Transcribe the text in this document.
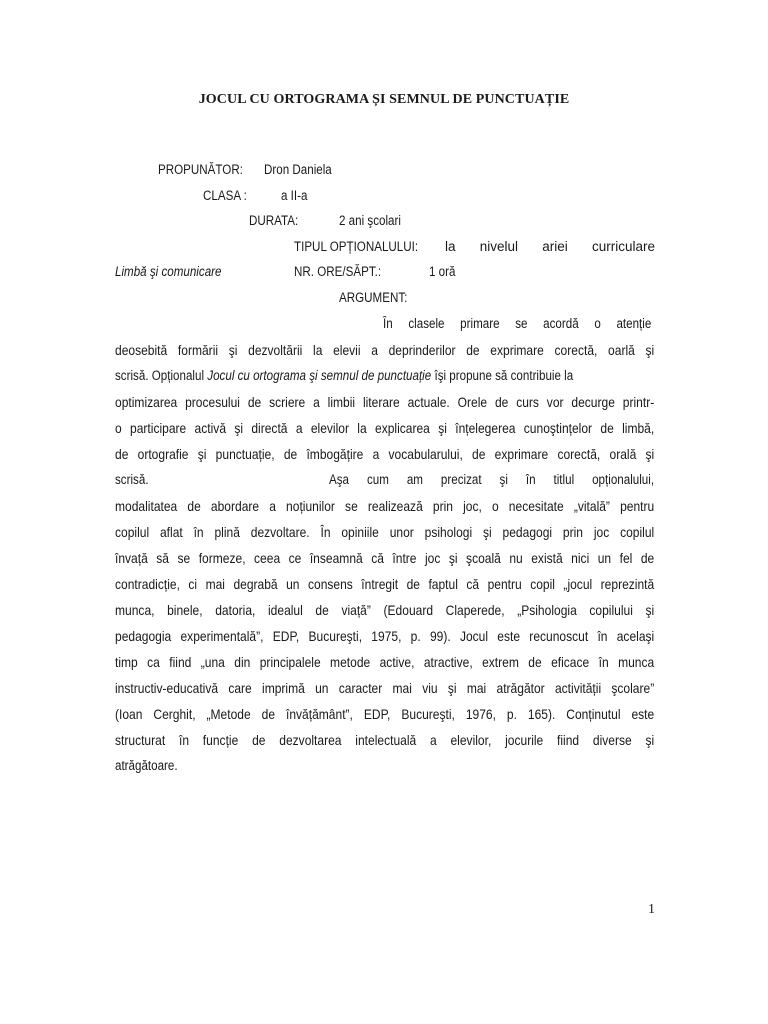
JOCUL CU ORTOGRAMA ȘI SEMNUL DE PUNCTUAȚIE
PROPUNĂTOR: Dron Daniela
CLASA :	a II-a
DURATA:	2 ani şcolari
TIPUL OPȚIONALULUI: la nivelul ariei curriculare
Limbă şi comunicare	NR. ORE/SĂPT.:	1 oră
ARGUMENT:
În clasele primare se acordă o atenție
deosebită formării şi dezvoltării la elevii a deprinderilor de exprimare corectă, oarlă şi
scrisă. Opționalul Jocul cu ortograma şi semnul de punctuație îşi propune să contribuie la
optimizarea procesului de scriere a limbii literare actuale. Orele de curs vor decurge printr-
o participare activă şi directă a elevilor la explicarea şi înțelegerea cunoştințelor de limbă,
de ortografie şi punctuație, de îmbogățire a vocabularului, de exprimare corectă, orală şi
scrisă.	Aşa cum am precizat şi în titlul opționalului,
modalitatea de abordare a noțiunilor se realizează prin joc, o necesitate „vitală” pentru
copilul aflat în plină dezvoltare. În opiniile unor psihologi şi pedagogi prin joc copilul
învață să se formeze, ceea ce înseamnă că între joc şi şcoală nu există nici un fel de
contradicție, ci mai degrabă un consens întregit de faptul că pentru copil „jocul reprezintă
munca, binele, datoria, idealul de viață” (Edouard Claperede, „Psihologia copilului şi
pedagogia experimentală”, EDP, Bucureşti, 1975, p. 99). Jocul este recunoscut în acelaşi
timp ca fiind „una din principalele metode active, atractive, extrem de eficace în munca
instructiv-educativă care imprimă un caracter mai viu şi mai atrăgător activității şcolare”
(Ioan Cerghit, „Metode de învățământ”, EDP, Bucureşti, 1976, p. 165). Conținutul este
structurat în funcție de dezvoltarea intelectuală a elevilor, jocurile fiind diverse şi
atrăgătoare.
1
